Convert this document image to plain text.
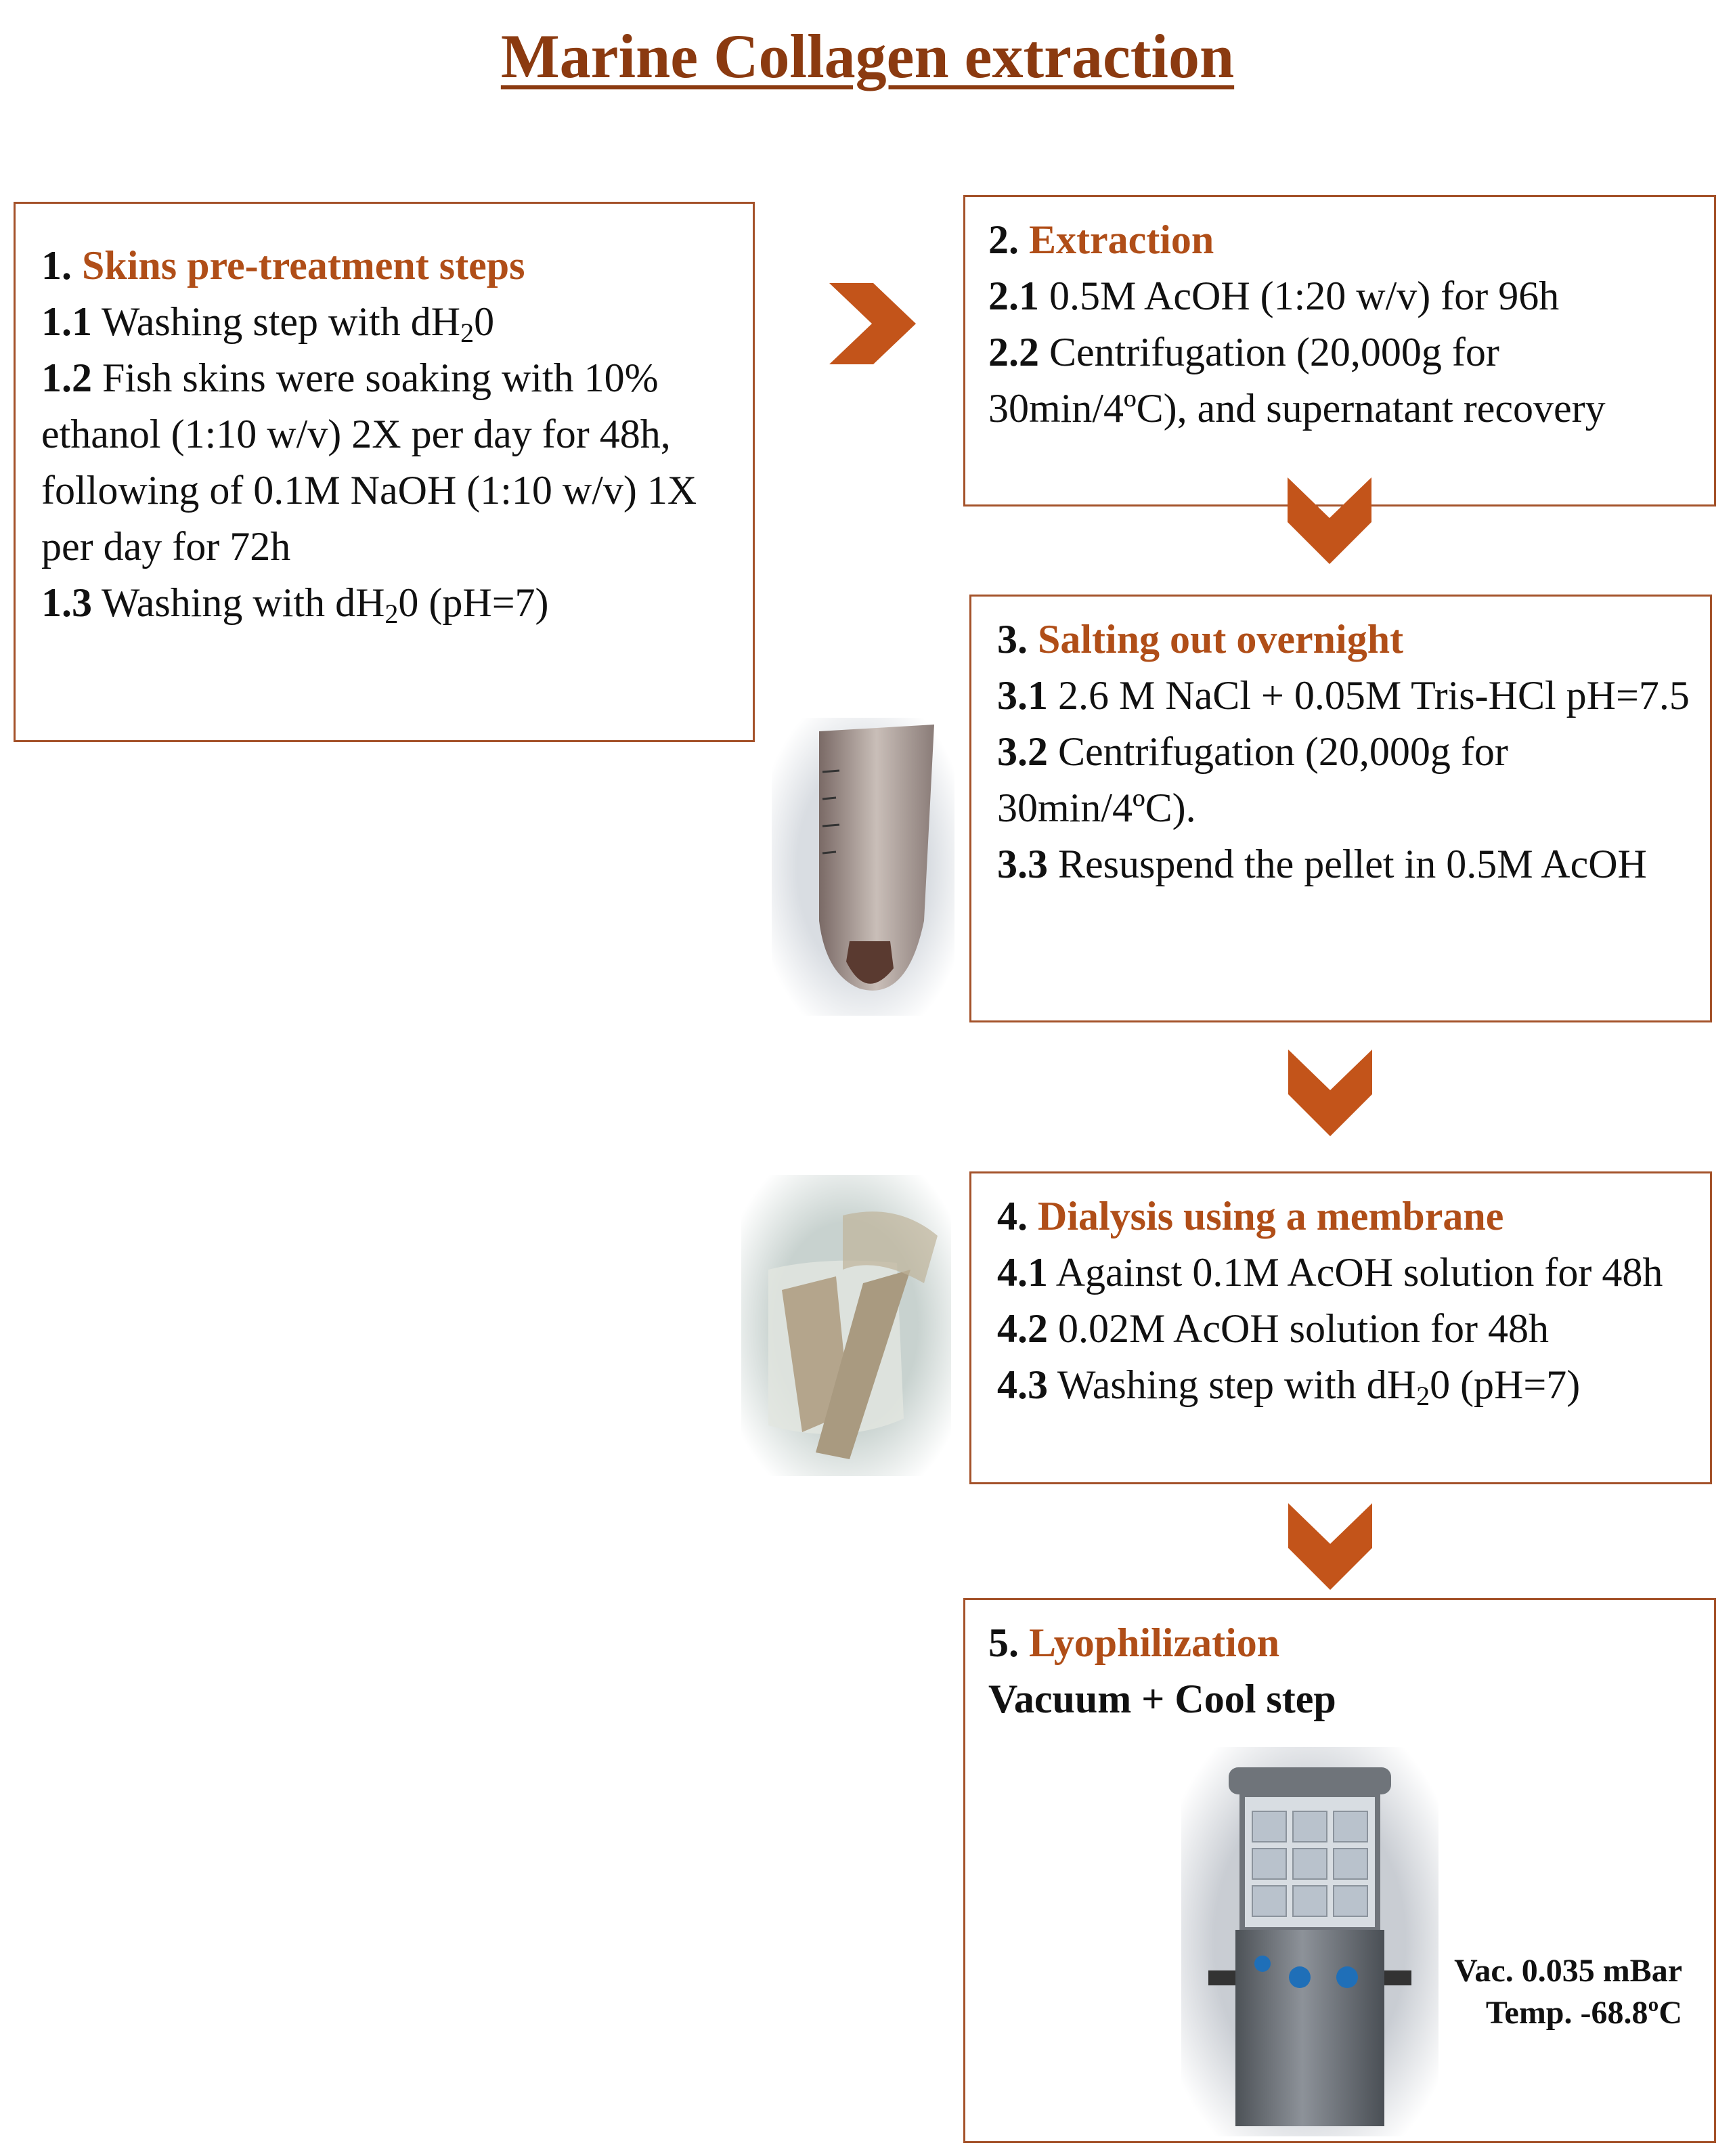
Marine Collagen extraction

1. Skins pre-treatment steps

1.1 Washing step with $dH_20$

1.2 Fish skins were soaking with 10% ethanol (1:10 w/v) 2X per day for 48h, following of 0.1M NaOH (1:10 w/v) 1X per day for 72h

1.3 Washing with $dH_20$ (pH=7)

2. Extraction

2.1 0.5M AcOH (1:20 w/v) for 96h

2.2 Centrifugation (20,000g for 30min/4ºC), and supernatant recovery

3. Salting out overnight

3.1 2.6 M NaCl + 0.05M Tris-HCl pH=7.5

3.2 Centrifugation (20,000g for 30min/4ºC).

3.3 Resuspend the pellet in 0.5M AcOH

4. Dialysis using a membrane

4.1 Against 0.1M AcOH solution for 48h

4.2 0.02M AcOH solution for 48h

4.3 Washing step with $dH_20$ (pH=7)

5. Lyophilization

Vacuum + Cool step

Vac. 0.035 mBar
Temp. -68.8ºC
